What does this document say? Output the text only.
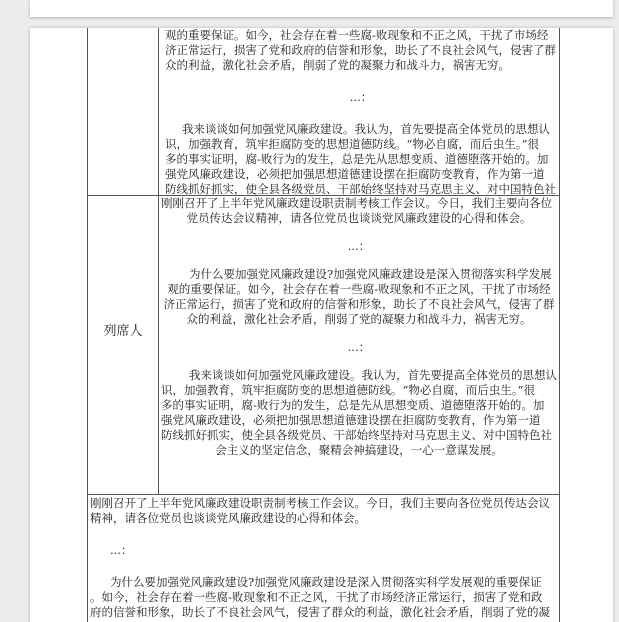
观的重要保证。如今，社会存在着一些腐-败现象和不正之风，干扰了市场经

济正常运行，损害了党和政府的信誉和形象，助长了不良社会风气，侵害了群

众的利益，激化社会矛盾，削弱了党的凝聚力和战斗力，祸害无穷。

...：

我来谈谈如何加强党风廉政建设。我认为，首先要提高全体党员的思想认

识，加强教育，筑牢拒腐防变的思想道德防线。“物必自腐，而后虫生。”很

多的事实证明，腐-败行为的发生，总是先从思想变质、道德堕落开始的。加

强党风廉政建设，必须把加强思想道德建设摆在拒腐防变教育，作为第一道

防线抓好抓实，使全县各级党员、干部始终坚持对马克思主义、对中国特色社

列席人

刚刚召开了上半年党风廉政建设职责制考核工作会议。今日，我们主要向各位

党员传达会议精神，请各位党员也谈谈党风廉政建设的心得和体会。

...：

为什么要加强党风廉政建设?加强党风廉政建设是深入贯彻落实科学发展

观的重要保证。如今，社会存在着一些腐-败现象和不正之风，干扰了市场经

济正常运行，损害了党和政府的信誉和形象，助长了不良社会风气，侵害了群

众的利益，激化社会矛盾，削弱了党的凝聚力和战斗力，祸害无穷。

...：

我来谈谈如何加强党风廉政建设。我认为，首先要提高全体党员的思想认

识，加强教育，筑牢拒腐防变的思想道德防线。“物必自腐，而后虫生。”很

多的事实证明，腐-败行为的发生，总是先从思想变质、道德堕落开始的。加

强党风廉政建设，必须把加强思想道德建设摆在拒腐防变教育，作为第一道

防线抓好抓实，使全县各级党员、干部始终坚持对马克思主义、对中国特色社

会主义的坚定信念，聚精会神搞建设，一心一意谋发展。

刚刚召开了上半年党风廉政建设职责制考核工作会议。今日，我们主要向各位党员传达会议

精神，请各位党员也谈谈党风廉政建设的心得和体会。

...：

为什么要加强党风廉政建设?加强党风廉政建设是深入贯彻落实科学发展观的重要保证

。如今，社会存在着一些腐-败现象和不正之风，干扰了市场经济正常运行，损害了党和政

府的信誉和形象，助长了不良社会风气，侵害了群众的利益，激化社会矛盾，削弱了党的凝
